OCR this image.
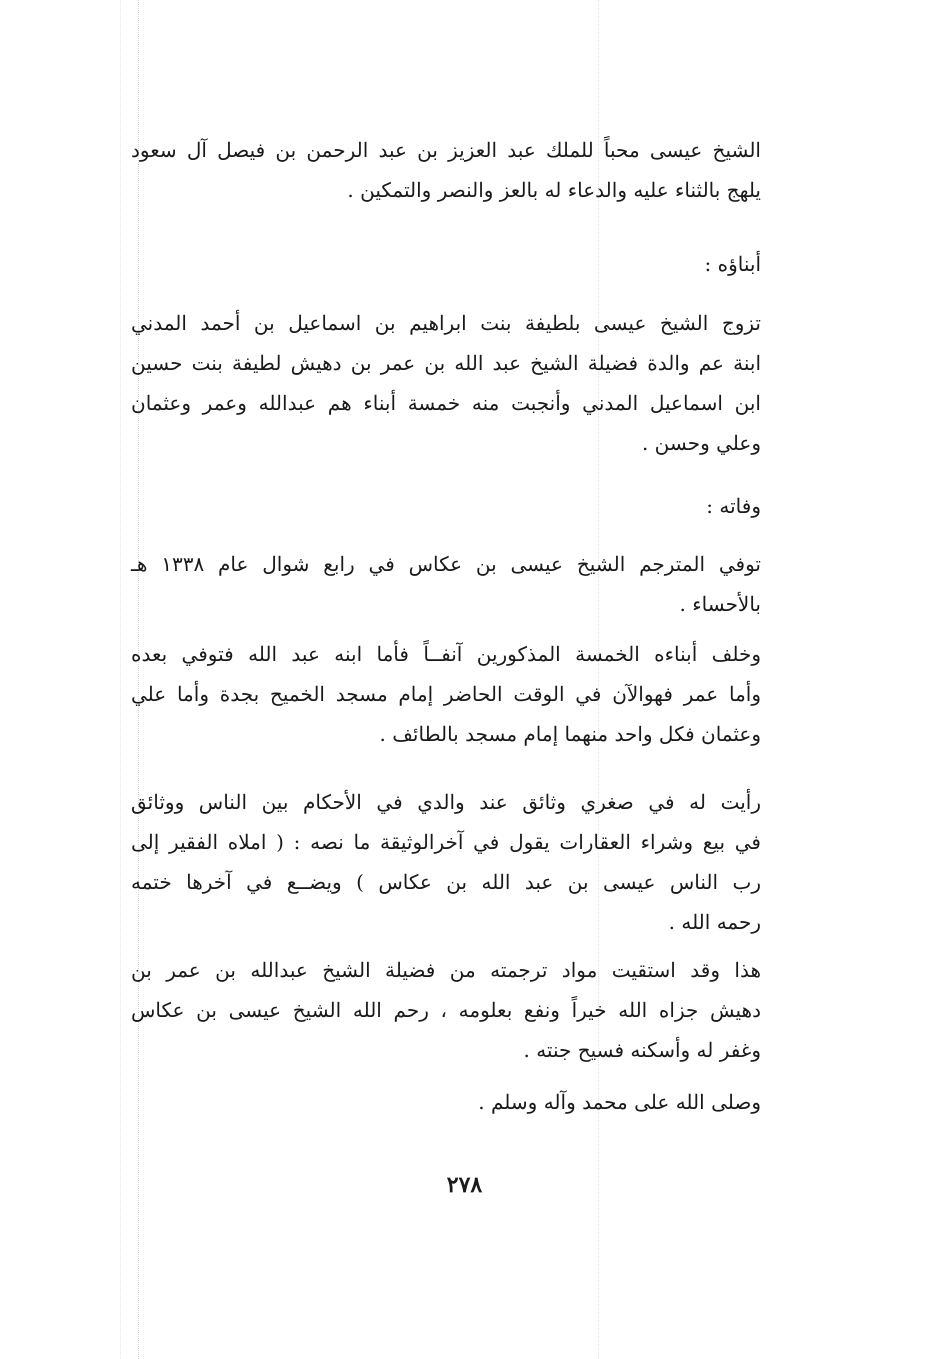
الشيخ عيسى محباً للملك عبد العزيز بن عبد الرحمن بن فيصل آل سعود
يلهج بالثناء عليه والدعاء له بالعز والنصر والتمكين .
أبناؤه :
تزوج الشيخ عيسى بلطيفة بنت ابراهيم بن اسماعيل بن أحمد المدني
ابنة عم والدة فضيلة الشيخ عبد الله بن عمر بن دهيش لطيفة بنت حسين
ابن اسماعيل المدني وأنجبت منه خمسة أبناء هم عبدالله وعمر وعثمان
وعلي وحسن .
وفاته :
توفي المترجم الشيخ عيسى بن عكاس في رابع شوال عام ١٣٣٨ هـ
بالأحساء .
وخلف أبناءه الخمسة المذكورين آنفــاً فأما ابنه عبد الله فتوفي بعده
وأما عمر فهوالآن في الوقت الحاضر إمام مسجد الخميح بجدة وأما علي
وعثمان فكل واحد منهما إمام مسجد بالطائف .
رأيت له في صغري وثائق عند والدي في الأحكام بين الناس ووثائق
في بيع وشراء العقارات يقول في آخرالوثيقة ما نصه : ( املاه الفقير إلى
رب الناس عيسى بن عبد الله بن عكاس ) ويضــع في آخرها ختمه
رحمه الله .
هذا وقد استقيت مواد ترجمته من فضيلة الشيخ عبدالله بن عمر بن
دهيش جزاه الله خيراً ونفع بعلومه ، رحم الله الشيخ عيسى بن عكاس
وغفر له وأسكنه فسيح جنته .
وصلى الله على محمد وآله وسلم .
٢٧٨
